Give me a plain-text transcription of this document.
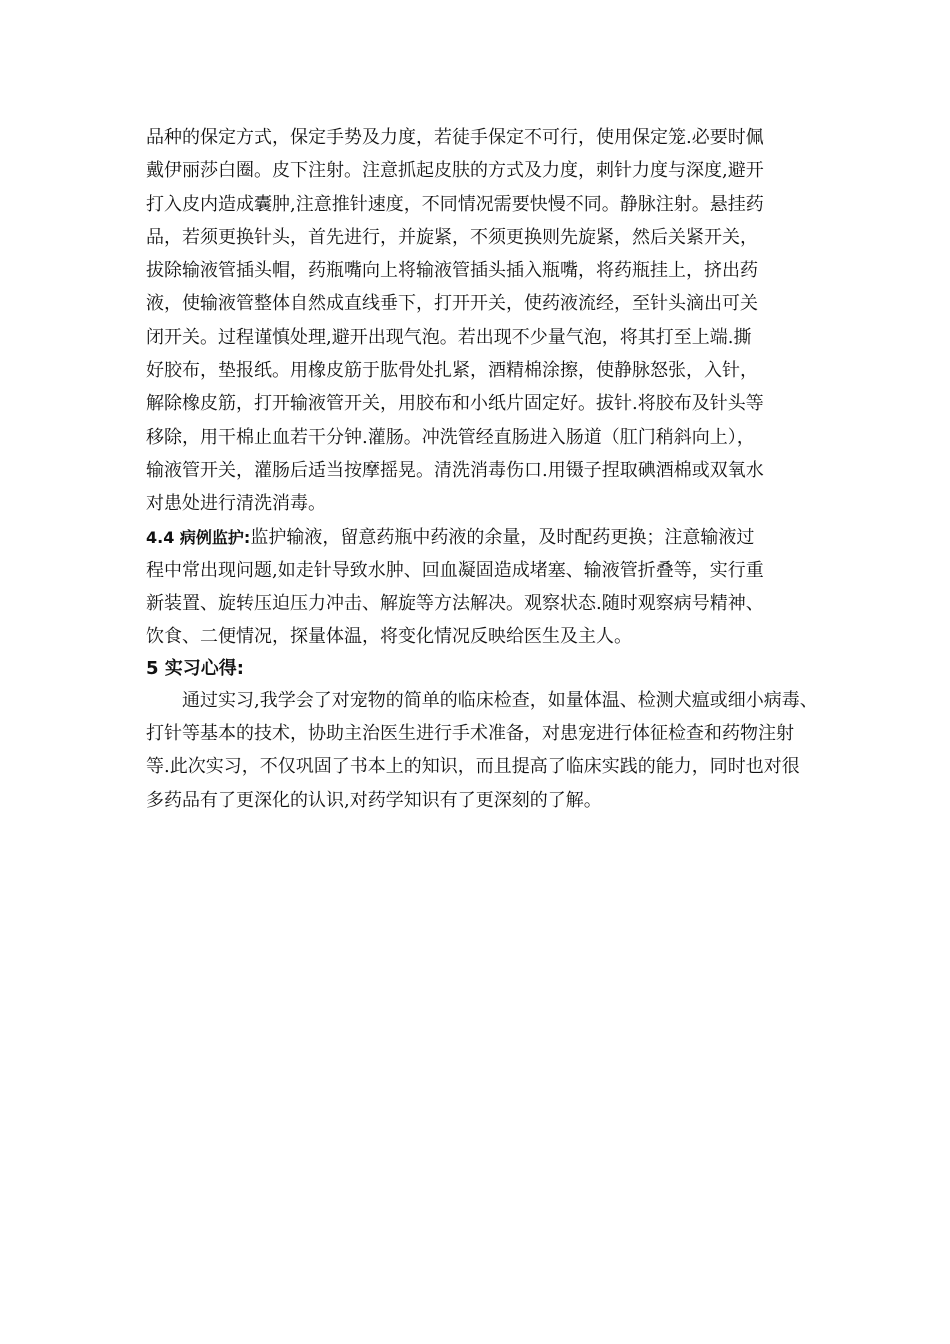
品种的保定方式，保定手势及力度，若徒手保定不可行，使用保定笼.必要时佩
戴伊丽莎白圈。皮下注射。注意抓起皮肤的方式及力度，刺针力度与深度,避开
打入皮内造成囊肿,注意推针速度，不同情况需要快慢不同。静脉注射。悬挂药
品，若须更换针头，首先进行，并旋紧，不须更换则先旋紧，然后关紧开关，
拔除输液管插头帽，药瓶嘴向上将输液管插头插入瓶嘴，将药瓶挂上，挤出药
液，使输液管整体自然成直线垂下，打开开关，使药液流经，至针头滴出可关
闭开关。过程谨慎处理,避开出现气泡。若出现不少量气泡，将其打至上端.撕
好胶布，垫报纸。用橡皮筋于肱骨处扎紧，酒精棉涂擦，使静脉怒张，入针，
解除橡皮筋，打开输液管开关，用胶布和小纸片固定好。拔针.将胶布及针头等
移除，用干棉止血若干分钟.灌肠。冲洗管经直肠进入肠道（肛门稍斜向上），
输液管开关，灌肠后适当按摩摇晃。清洗消毒伤口.用镊子捏取碘酒棉或双氧水
对患处进行清洗消毒。
4.4 病例监护:监护输液，留意药瓶中药液的余量，及时配药更换；注意输液过
程中常出现问题,如走针导致水肿、回血凝固造成堵塞、输液管折叠等，实行重
新装置、旋转压迫压力冲击、解旋等方法解决。观察状态.随时观察病号精神、
饮食、二便情况，探量体温，将变化情况反映给医生及主人。
5 实习心得:
通过实习,我学会了对宠物的简单的临床检查，如量体温、检测犬瘟或细小病毒、
打针等基本的技术，协助主治医生进行手术准备，对患宠进行体征检查和药物注射
等.此次实习，不仅巩固了书本上的知识，而且提高了临床实践的能力，同时也对很
多药品有了更深化的认识,对药学知识有了更深刻的了解。
